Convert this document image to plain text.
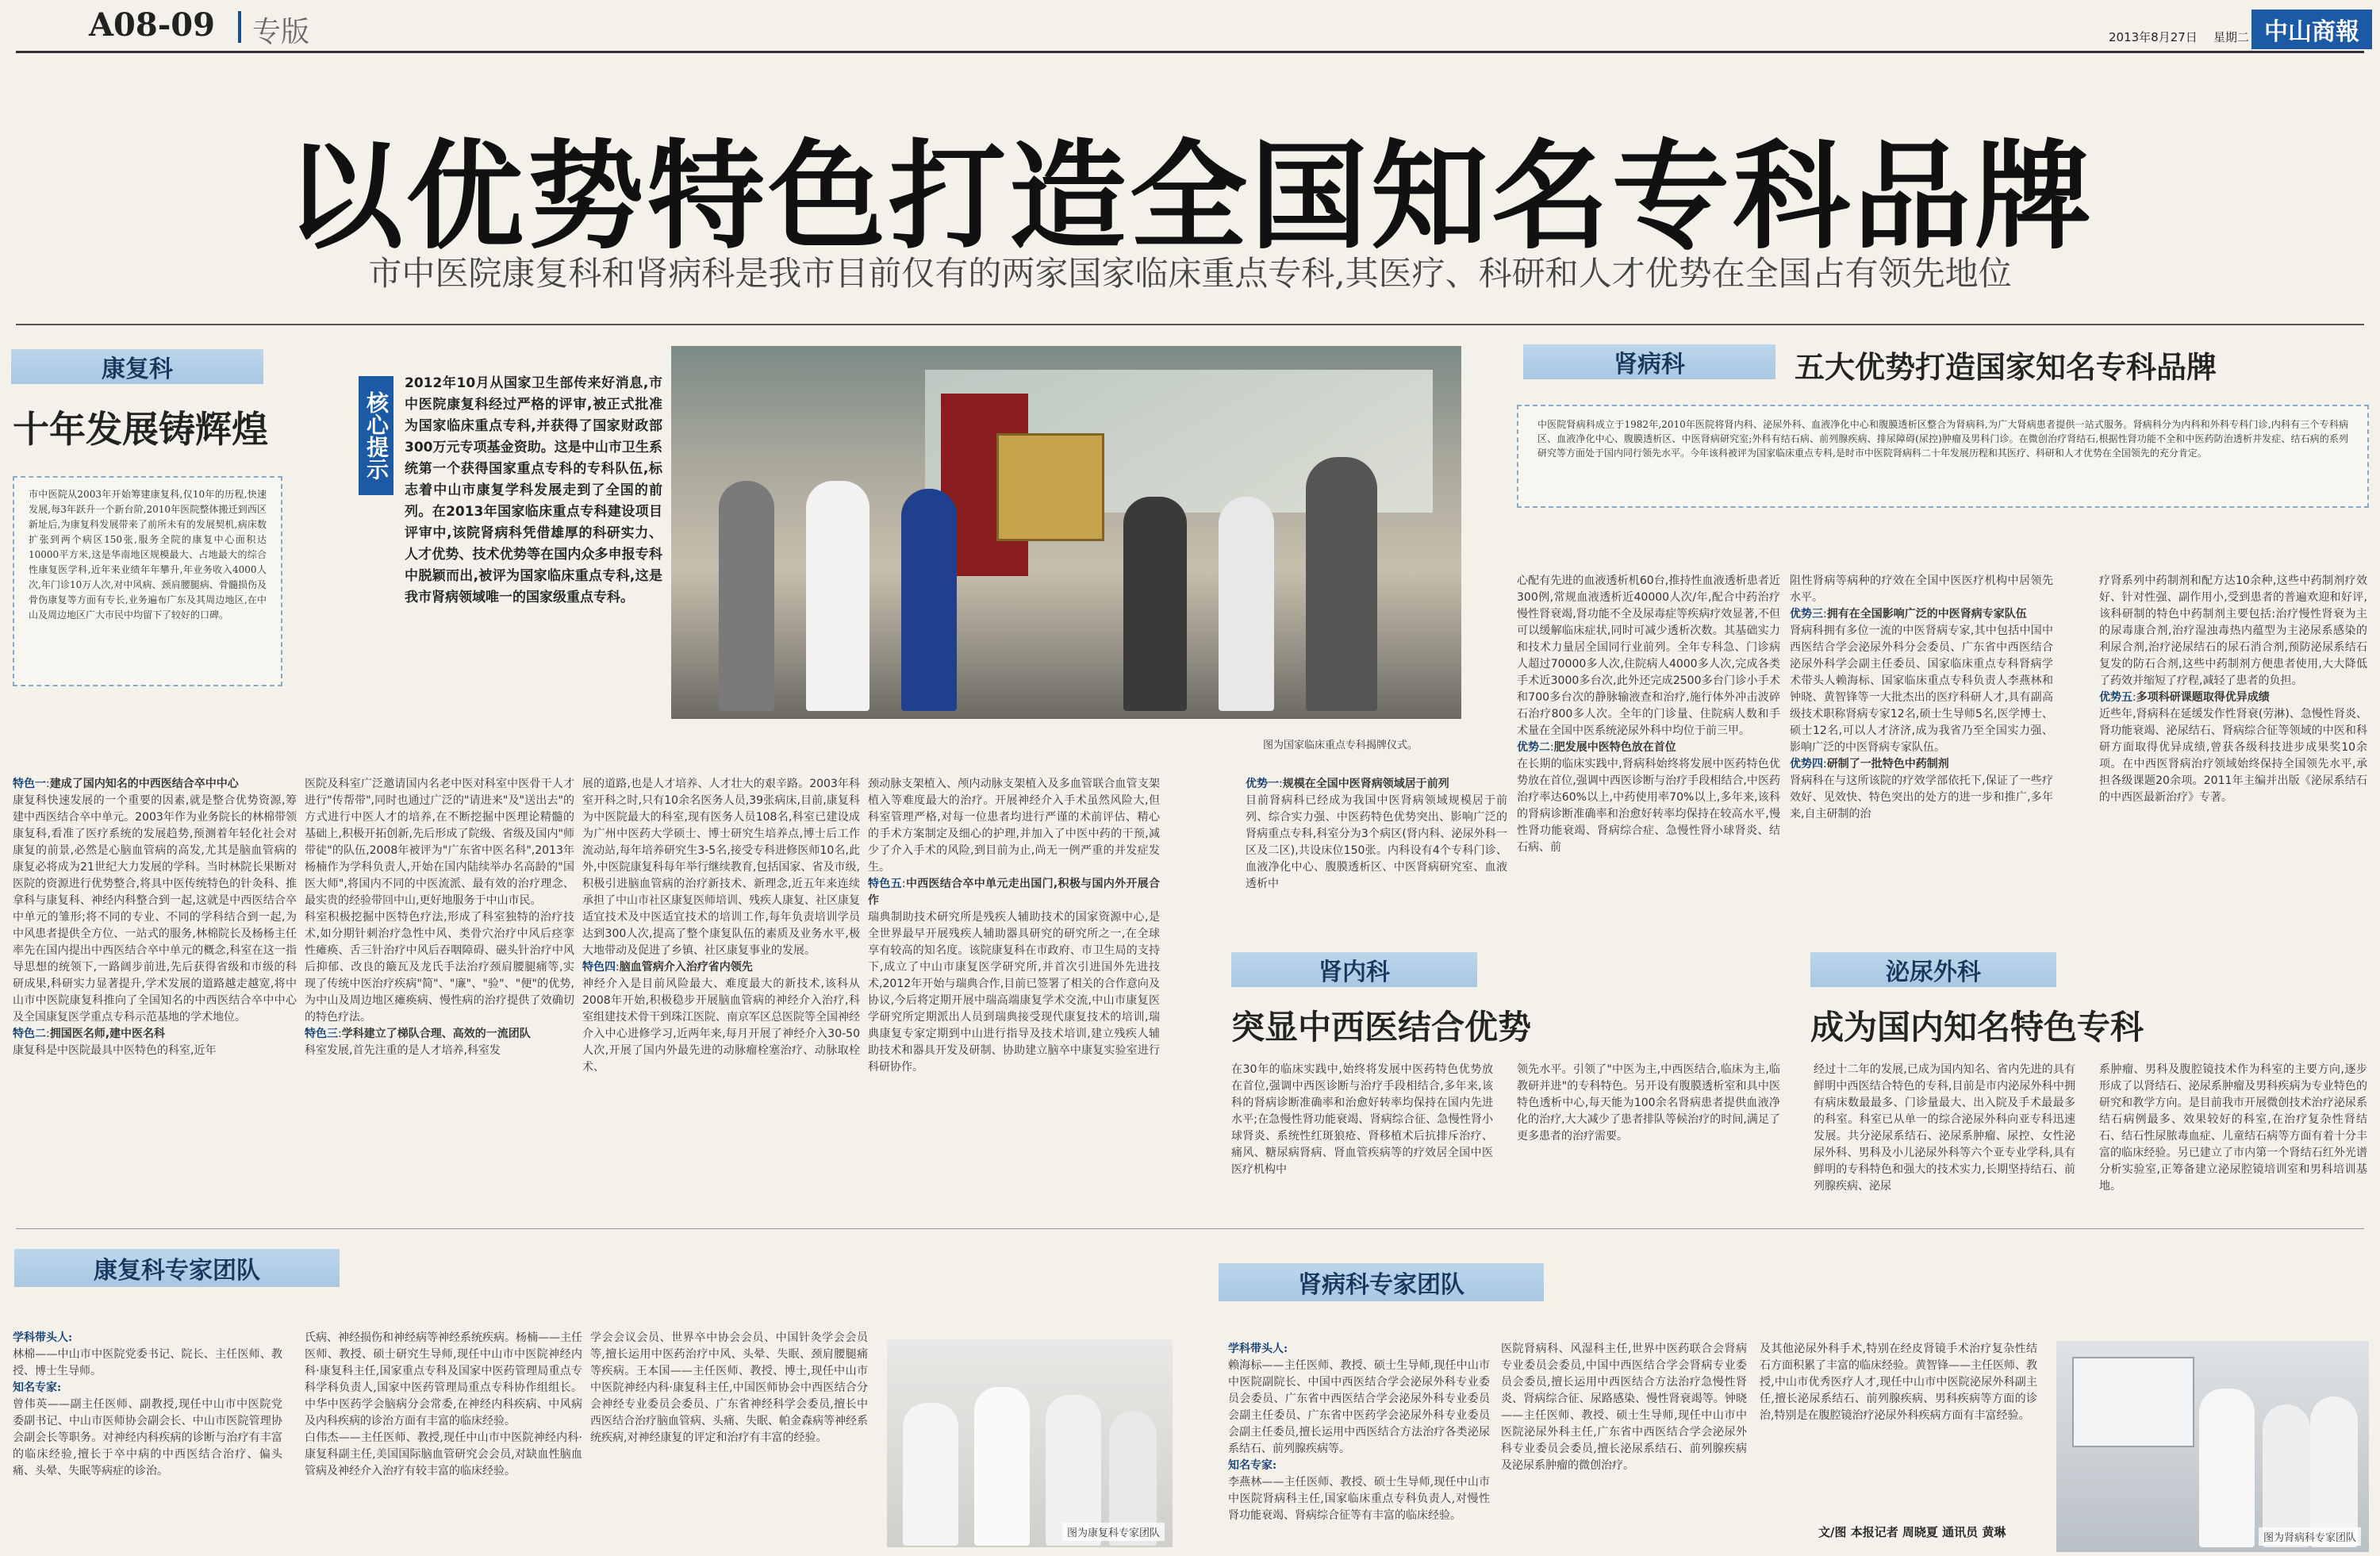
A08-09 专版	2013年8月27日 星期二 中山商報
以优势特色打造全国知名专科品牌
市中医院康复科和肾病科是我市目前仅有的两家国家临床重点专科,其医疗、科研和人才优势在全国占有领先地位
康复科
十年发展铸辉煌
市中医院从2003年开始筹建康复科,仅10年的历程,快速发展,每3年跃升一个新台阶,2010年医院整体搬迁到西区新址后,为康复科发展带来了前所未有的发展契机,病床数扩张到两个病区150张,服务全院的康复中心面积达10000平方米,这是华南地区规模最大、占地最大的综合性康复医学科,近年来业绩年年攀升,年业务收入4000人次,年门诊10万人次,对中风病、颈肩腰腿病、骨髓损伤及骨伤康复等方面有专长,业务遍布广东及其周边地区,在中山及周边地区广大市民中均留下了较好的口碑。
核心提示
2012年10月从国家卫生部传来好消息,市中医院康复科经过严格的评审,被正式批准为国家临床重点专科,并获得了国家财政部300万元专项基金资助。这是中山市卫生系统第一个获得国家重点专科的专科队伍,标志着中山市康复学科发展走到了全国的前列。在2013年国家临床重点专科建设项目评审中,该院肾病科凭借雄厚的科研实力、人才优势、技术优势等在国内众多申报专科中脱颖而出,被评为国家临床重点专科,这是我市肾病领域唯一的国家级重点专科。
图为国家临床重点专科揭牌仪式。
特色一:建成了国内知名的中西医结合卒中中心
康复科快速发展的一个重要的因素,就是整合优势资源,筹建中西医结合卒中单元。2003年作为业务院长的林棉带领康复科,看准了医疗系统的发展趋势,预测着年轻化社会对康复的前景,必然是心脑血管病的高发,尤其是脑血管病的康复必将成为21世纪大力发展的学科。当时林院长果断对医院的资源进行优势整合,将具中医传统特色的针灸科、推拿科与康复科、神经内科整合到一起,这就是中西医结合卒中单元的雏形;将不同的专业、不同的学科结合到一起,为中风患者提供全方位、一站式的服务,林棉院长及杨杨主任率先在国内提出中西医结合卒中单元的概念,科室在这一指导思想的统领下,一路阔步前进,先后获得省级和市级的科研成果,科研实力显著提升,学术发展的道路越走越宽,将中山市中医院康复科推向了全国知名的中西医结合卒中中心及全国康复医学重点专科示范基地的学术地位。
特色二:拥国医名师,建中医名科
康复科是中医院最具中医特色的科室,近年
医院及科室广泛邀请国内名老中医对科室中医骨干人才进行"传帮带",同时也通过广泛的"请进来"及"送出去"的方式进行中医人才的培养,在不断挖掘中医理论精髓的基础上,积极开拓创新,先后形成了院级、省级及国内"师带徒"的队伍,2008年被评为"广东省中医名科",2013年杨楠作为学科负责人,开始在国内陆续举办名高龄的"国医大师",将国内不同的中医流派、最有效的治疗理念、最实贵的经验带回中山,更好地服务于中山市民。
科室积极挖掘中医特色疗法,形成了科室独特的治疗技术,如分期针刺治疗急性中风、类骨穴治疗中风后痉挛性瘫痪、舌三针治疗中风后吞咽障碍、磁头针治疗中风后抑郁、改良的簸瓦及龙氏手法治疗颈肩腰腿痛等,实现了传统中医治疗疾病"简"、"廉"、"验"、"便"的优势,为中山及周边地区瘫痪病、慢性病的治疗提供了效确切的特色疗法。
特色三:学科建立了梯队合理、高效的一流团队
科室发展,首先注重的是人才培养,科室发
展的道路,也是人才培养、人才壮大的艰辛路。2003年科室开科之时,只有10余名医务人员,39张病床,目前,康复科为中医院最大的科室,现有医务人员108名,科室已建设成为广州中医药大学硕士、博士研究生培养点,博士后工作流动站,每年培养研究生3-5名,接受专科进修医师10名,此外,中医院康复科每年举行继续教育,包括国家、省及市级,积极引进脑血管病的治疗新技术、新理念,近五年来连续承担了中山市社区康复医师培训、残疾人康复、社区康复适宜技术及中医适宜技术的培训工作,每年负责培训学员达到300人次,提高了整个康复队伍的素质及业务水平,极大地带动及促进了乡镇、社区康复事业的发展。
特色四:脑血管病介入治疗省内领先
神经介入是目前风险最大、难度最大的新技术,该科从2008年开始,积极稳步开展脑血管病的神经介入治疗,科室组建技术骨干到珠江医院、南京军区总医院等全国神经介入中心进修学习,近两年来,每月开展了神经介入30-50人次,开展了国内外最先进的动脉瘤栓塞治疗、动脉取栓术、
颈动脉支架植入、颅内动脉支架植入及多血管联合血管支架植入等难度最大的治疗。开展神经介入手术虽然风险大,但科室管理严格,对每一位患者均进行严谨的术前评估、精心的手术方案制定及细心的护理,并加入了中医中药的干预,减少了介入手术的风险,到目前为止,尚无一例严重的并发症发生。
特色五:中西医结合卒中单元走出国门,积极与国内外开展合作
瑞典制助技术研究所是残疾人辅助技术的国家资源中心,是全世界最早开展残疾人辅助器具研究的研究所之一,在全球享有较高的知名度。该院康复科在市政府、市卫生局的支持下,成立了中山市康复医学研究所,并首次引进国外先进技术,2012年开始与瑞典合作,目前已签署了相关的合作意向及协议,今后将定期开展中瑞高端康复学术交流,中山市康复医学研究所定期派出人员到瑞典接受现代康复技术的培训,瑞典康复专家定期到中山进行指导及技术培训,建立残疾人辅助技术和器具开发及研制、协助建立脑卒中康复实验室进行科研协作。
肾病科	五大优势打造国家知名专科品牌
中医院肾病科成立于1982年,2010年医院将肾内科、泌尿外科、血液净化中心和腹膜透析区整合为肾病科,为广大肾病患者提供一站式服务。肾病科分为内科和外科专科门诊,内科有三个专科病区、血液净化中心、腹膜透析区、中医肾病研究室;外科有结石病、前列腺疾病、排尿障碍(尿控)肿瘤及男科门诊。在微创治疗肾结石,根据性肾功能不全和中医药防治透析并发症、结石病的系列研究等方面处于国内同行领先水平。今年该科被评为国家临床重点专科,是时市中医院肾病科二十年发展历程和其医疗、科研和人才优势在全国领先的充分肯定。
优势一:规模在全国中医肾病领域居于前列
目前肾病科已经成为我国中医肾病领域规模居于前列、综合实力强、中医药特色优势突出、影响广泛的肾病重点专科,科室分为3个病区(肾内科、泌尿外科一区及二区),共设床位150张。内科设有4个专科门诊、血液净化中心、腹膜透析区、中医肾病研究室、血液透析中
心配有先进的血液透析机60台,推持性血液透析患者近300例,常规血液透析近40000人次/年,配合中药治疗慢性肾衰竭,肾功能不全及尿毒症等疾病疗效显著,不但可以缓解临床症状,同时可减少透析次数。其基础实力和技术力量居全国同行业前列。全年专科急、门诊病人超过70000多人次,住院病人4000多人次,完成各类手术近3000多台次,此外还完成2500多台门诊小手术和700多台次的静脉输液查和治疗,施行体外冲击波碎石治疗800多人次。全年的门诊量、住院病人数和手术量在全国中医系统泌尿外科中均位于前三甲。
优势二:肥发展中医特色放在首位
在长期的临床实践中,肾病科始终将发展中医药特色优势放在首位,强调中西医诊断与治疗手段相结合,中医药治疗率达60%以上,中药使用率70%以上,多年来,该科的肾病诊断准确率和治愈好转率均保持在较高水平,慢性肾功能衰竭、肾病综合症、急慢性肾小球肾炎、结石病、前
阻性肾病等病种的疗效在全国中医医疗机构中居领先水平。
优势三:拥有在全国影响广泛的中医肾病专家队伍
肾病科拥有多位一流的中医肾病专家,其中包括中国中西医结合学会泌尿外科分会委员、广东省中西医结合泌尿外科学会副主任委员、国家临床重点专科肾病学术带头人赖海标、国家临床重点专科负责人李燕林和钟晓、黄智锋等一大批杰出的医疗科研人才,具有副高级技术职称肾病专家12名,硕士生导师5名,医学博士、硕士12名,可以人才济济,成为我省乃至全国实力强、影响广泛的中医肾病专家队伍。
优势四:研制了一批特色中药制剂
肾病科在与这所该院的疗效学部依托下,保证了一些疗效好、见效快、特色突出的处方的进一步和推广,多年来,自主研制的治
疗肾系列中药制剂和配方达10余种,这些中药制剂疗效好、针对性强、副作用小,受到患者的普遍欢迎和好评,该科研制的特色中药制剂主要包括:治疗慢性肾衰为主的尿毒康合剂,治疗湿浊毒热内蕴型为主泌尿系感染的利尿合剂,治疗泌尿结石的尿石消合剂,预防泌尿系结石复发的防石合剂,这些中药制剂方便患者使用,大大降低了药效并缩短了疗程,减轻了患者的负担。
优势五:多项科研课题取得优异成绩
近些年,肾病科在延缓发作性肾衰(劳淋)、急慢性肾炎、肾功能衰竭、泌尿结石、肾病综合征等领域的中医和科研方面取得优异成绩,曾获各级科技进步成果奖10余项。在中西医肾病治疗领域始终保持全国领先水平,承担各级课题20余项。2011年主编并出版《泌尿系结石的中西医最新治疗》专著。
肾内科
突显中西医结合优势
在30年的临床实践中,始终将发展中医药特色优势放在首位,强调中西医诊断与治疗手段相结合,多年来,该科的肾病诊断准确率和治愈好转率均保持在国内先进水平;在急慢性肾功能衰竭、肾病综合征、急慢性肾小球肾炎、系统性红斑狼疮、肾移植术后抗排斥治疗、痛风、糖尿病肾病、肾血管疾病等的疗效居全国中医医疗机构中
领先水平。引领了"中医为主,中西医结合,临床为主,临教研并进"的专科特色。另开设有腹膜透析室和具中医特色透析中心,每天能为100余名肾病患者提供血液净化的治疗,大大减少了患者排队等候治疗的时间,满足了更多患者的治疗需要。
泌尿外科
成为国内知名特色专科
经过十二年的发展,已成为国内知名、省内先进的具有鲜明中西医结合特色的专科,目前是市内泌尿外科中拥有病床数最最多、门诊量最大、出入院及手术最最多的科室。科室已从单一的综合泌尿外科向亚专科迅速发展。共分泌尿系结石、泌尿系肿瘤、尿控、女性泌尿外科、男科及小儿泌尿外科等六个亚专业学科,具有鲜明的专科特色和强大的技术实力,长期坚持结石、前列腺疾病、泌尿
系肿瘤、男科及腹腔镜技术作为科室的主要方向,逐步形成了以肾结石、泌尿系肿瘤及男科疾病为专业特色的研究和教学方向。是目前我市开展微创技术治疗泌尿系结石病例最多、效果较好的科室,在治疗复杂性肾结石、结石性尿脓毒血症、儿童结石病等方面有着十分丰富的临床经验。另已建立了市内第一个肾结石红外光谱分析实验室,正筹备建立泌尿腔镜培训室和男科培训基地。
康复科专家团队
学科带头人:
林棉——中山市中医院党委书记、院长、主任医师、教授、博士生导师。
知名专家:
曾伟英——副主任医师、副教授,现任中山市中医院党委副书记、中山市医师协会副会长、中山市医院管理协会副会长等职务。对神经内科疾病的诊断与治疗有丰富的临床经验,擅长于卒中病的中西医结合治疗、偏头痛、头晕、失眠等病症的诊治。
氏病、神经损伤和神经病等神经系统疾病。杨楠——主任医师、教授、硕士研究生导师,现任中山市中医院神经内科·康复科主任,国家重点专科及国家中医药管理局重点专科学科负责人,国家中医药管理局重点专科协作组组长。中华中医药学会脑病分会常委,在神经内科疾病、中风病及内科疾病的诊治方面有丰富的临床经验。
白伟杰——主任医师、教授,现任中山市中医院神经内科·康复科副主任,美国国际脑血管研究会会员,对缺血性脑血管病及神经介入治疗有较丰富的临床经验。
学会会议会员、世界卒中协会会员、中国针灸学会会员等,擅长运用中医药治疗中风、头晕、失眠、颈肩腰腿痛等疾病。王本国——主任医师、教授、博士,现任中山市中医院神经内科·康复科主任,中国医师协会中西医结合分会神经专业委员会委员、广东省神经科学会委员,擅长中西医结合治疗脑血管病、头痛、失眠、帕金森病等神经系统疾病,对神经康复的评定和治疗有丰富的经验。
图为康复科专家团队
肾病科专家团队
学科带头人:
赖海标——主任医师、教授、硕士生导师,现任中山市中医院副院长、中国中西医结合学会泌尿外科专业委员会委员、广东省中西医结合学会泌尿外科专业委员会副主任委员、广东省中医药学会泌尿外科专业委员会副主任委员,擅长运用中西医结合方法治疗各类泌尿系结石、前列腺疾病等。
知名专家:
李燕林——主任医师、教授、硕士生导师,现任中山市中医院肾病科主任,国家临床重点专科负责人,对慢性肾功能衰竭、肾病综合征等有丰富的临床经验。
医院肾病科、风湿科主任,世界中医药联合会肾病专业委员会委员,中国中西医结合学会肾病专业委员会委员,擅长运用中西医结合方法治疗急慢性肾炎、肾病综合征、尿路感染、慢性肾衰竭等。钟晓——主任医师、教授、硕士生导师,现任中山市中医院泌尿外科主任,广东省中西医结合学会泌尿外科专业委员会委员,擅长泌尿系结石、前列腺疾病及泌尿系肿瘤的微创治疗。
及其他泌尿外科手术,特别在经皮肾镜手术治疗复杂性结石方面积累了丰富的临床经验。黄智锋——主任医师、教授,中山市优秀医疗人才,现任中山市中医院泌尿外科副主任,擅长泌尿系结石、前列腺疾病、男科疾病等方面的诊治,特别是在腹腔镜治疗泌尿外科疾病方面有丰富经验。
文/图 本报记者 周晓夏 通讯员 黄琳	图为肾病科专家团队
